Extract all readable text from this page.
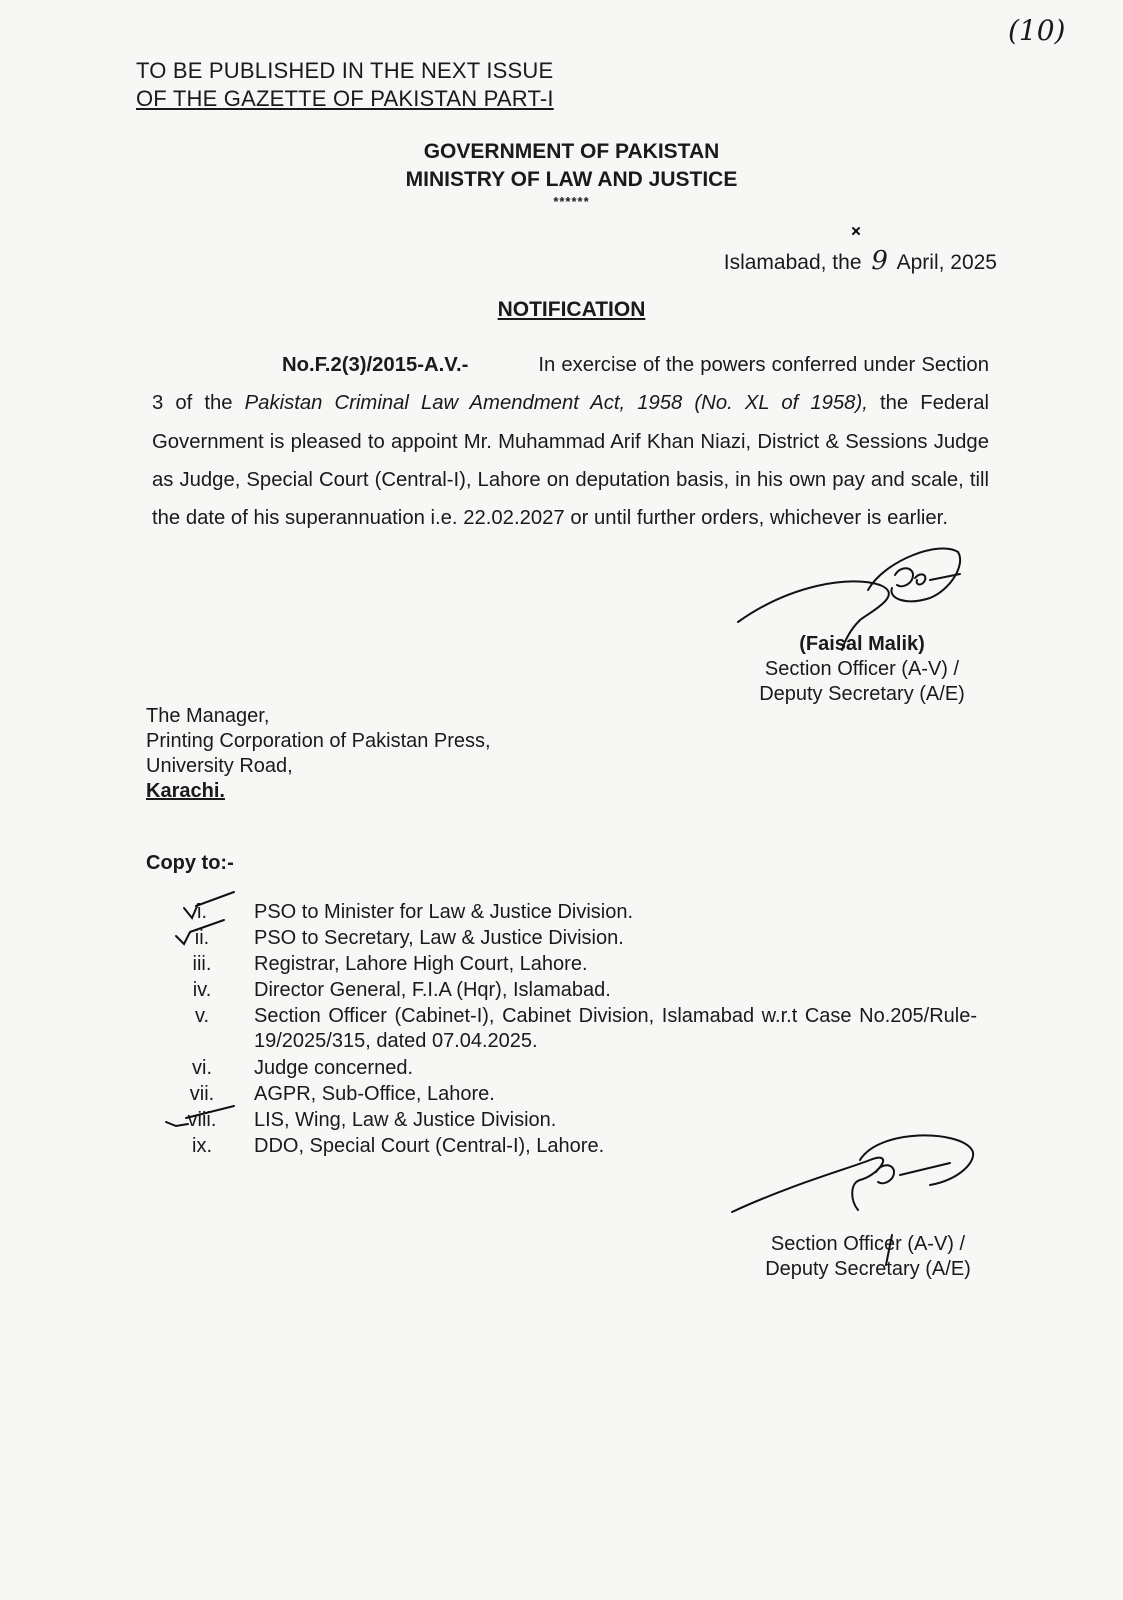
(10)
TO BE PUBLISHED IN THE NEXT ISSUE
OF THE GAZETTE OF PAKISTAN PART-I
GOVERNMENT OF PAKISTAN
MINISTRY OF LAW AND JUSTICE
******
Islamabad, the 9 April, 2025
NOTIFICATION
No.F.2(3)/2015-A.V.-	In exercise of the powers conferred under Section 3 of the Pakistan Criminal Law Amendment Act, 1958 (No. XL of 1958), the Federal Government is pleased to appoint Mr. Muhammad Arif Khan Niazi, District & Sessions Judge as Judge, Special Court (Central-I), Lahore on deputation basis, in his own pay and scale, till the date of his superannuation i.e. 22.02.2027 or until further orders, whichever is earlier.
(Faisal Malik)
Section Officer (A-V) /
Deputy Secretary (A/E)
The Manager,
Printing Corporation of Pakistan Press,
University Road,
Karachi.
Copy to:-
i.	PSO to Minister for Law & Justice Division.
ii.	PSO to Secretary, Law & Justice Division.
iii.	Registrar, Lahore High Court, Lahore.
iv.	Director General, F.I.A (Hqr), Islamabad.
v.	Section Officer (Cabinet-I), Cabinet Division, Islamabad w.r.t Case No.205/Rule-19/2025/315, dated 07.04.2025.
vi.	Judge concerned.
vii.	AGPR, Sub-Office, Lahore.
viii.	LIS, Wing, Law & Justice Division.
ix.	DDO, Special Court (Central-I), Lahore.
Section Officer (A-V) /
Deputy Secretary (A/E)
